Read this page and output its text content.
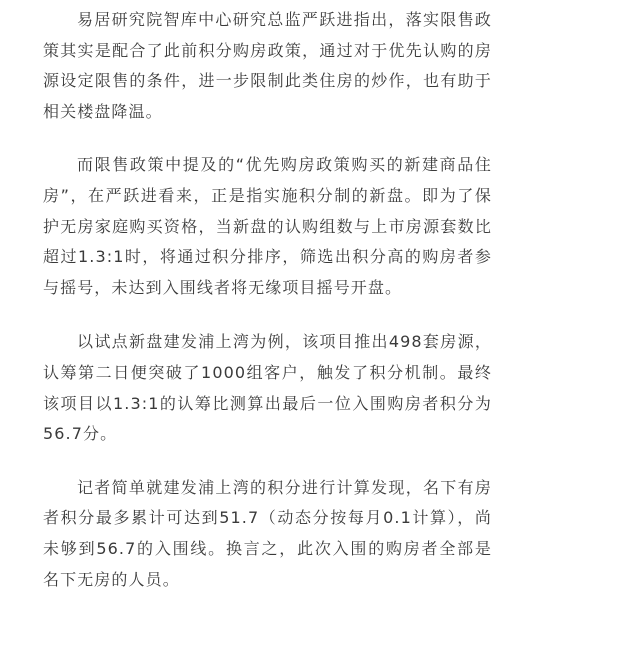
易居研究院智库中心研究总监严跃进指出，落实限售政策其实是配合了此前积分购房政策，通过对于优先认购的房源设定限售的条件，进一步限制此类住房的炒作，也有助于相关楼盘降温。

而限售政策中提及的“优先购房政策购买的新建商品住房”，在严跃进看来，正是指实施积分制的新盘。即为了保护无房家庭购买资格，当新盘的认购组数与上市房源套数比超过1.3:1时，将通过积分排序，筛选出积分高的购房者参与摇号，未达到入围线者将无缘项目摇号开盘。

以试点新盘建发浦上湾为例，该项目推出498套房源，认筹第二日便突破了1000组客户，触发了积分机制。最终该项目以1.3:1的认筹比测算出最后一位入围购房者积分为56.7分。

记者简单就建发浦上湾的积分进行计算发现，名下有房者积分最多累计可达到51.7（动态分按每月0.1计算），尚未够到56.7的入围线。换言之，此次入围的购房者全部是名下无房的人员。
